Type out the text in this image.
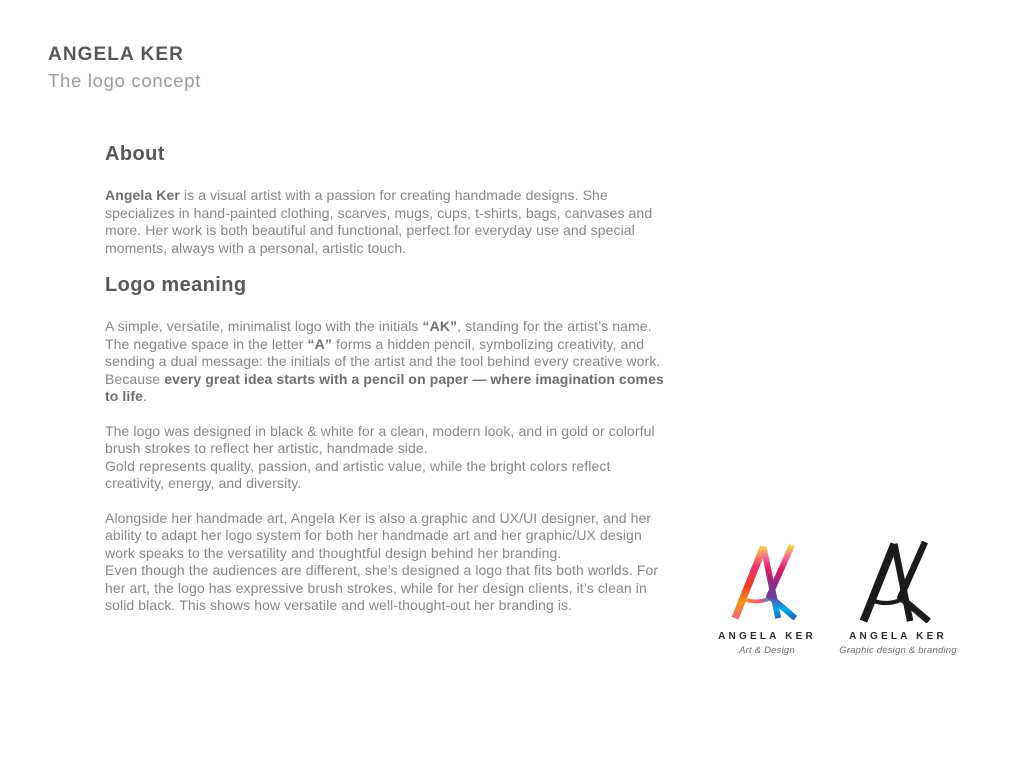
ANGELA KER
The logo concept
About

Angela Ker is a visual artist with a passion for creating handmade designs. She specializes in hand-painted clothing, scarves, mugs, cups, t-shirts, bags, canvases and more. Her work is both beautiful and functional, perfect for everyday use and special moments, always with a personal, artistic touch.

Logo meaning

A simple, versatile, minimalist logo with the initials “AK”, standing for the artist’s name. The negative space in the letter “A” forms a hidden pencil, symbolizing creativity, and sending a dual message: the initials of the artist and the tool behind every creative work.
Because every great idea starts with a pencil on paper — where imagination comes to life.

The logo was designed in black & white for a clean, modern look, and in gold or colorful brush strokes to reflect her artistic, handmade side.
Gold represents quality, passion, and artistic value, while the bright colors reflect creativity, energy, and diversity.

Alongside her handmade art, Angela Ker is also a graphic and UX/UI designer, and her ability to adapt her logo system for both her handmade art and her graphic/UX design work speaks to the versatility and thoughtful design behind her branding.
Even though the audiences are different, she’s designed a logo that fits both worlds. For her art, the logo has expressive brush strokes, while for her design clients, it’s clean in solid black. This shows how versatile and well-thought-out her branding is.

ANGELA KER
Art & Design
ANGELA KER
Graphic design & branding
